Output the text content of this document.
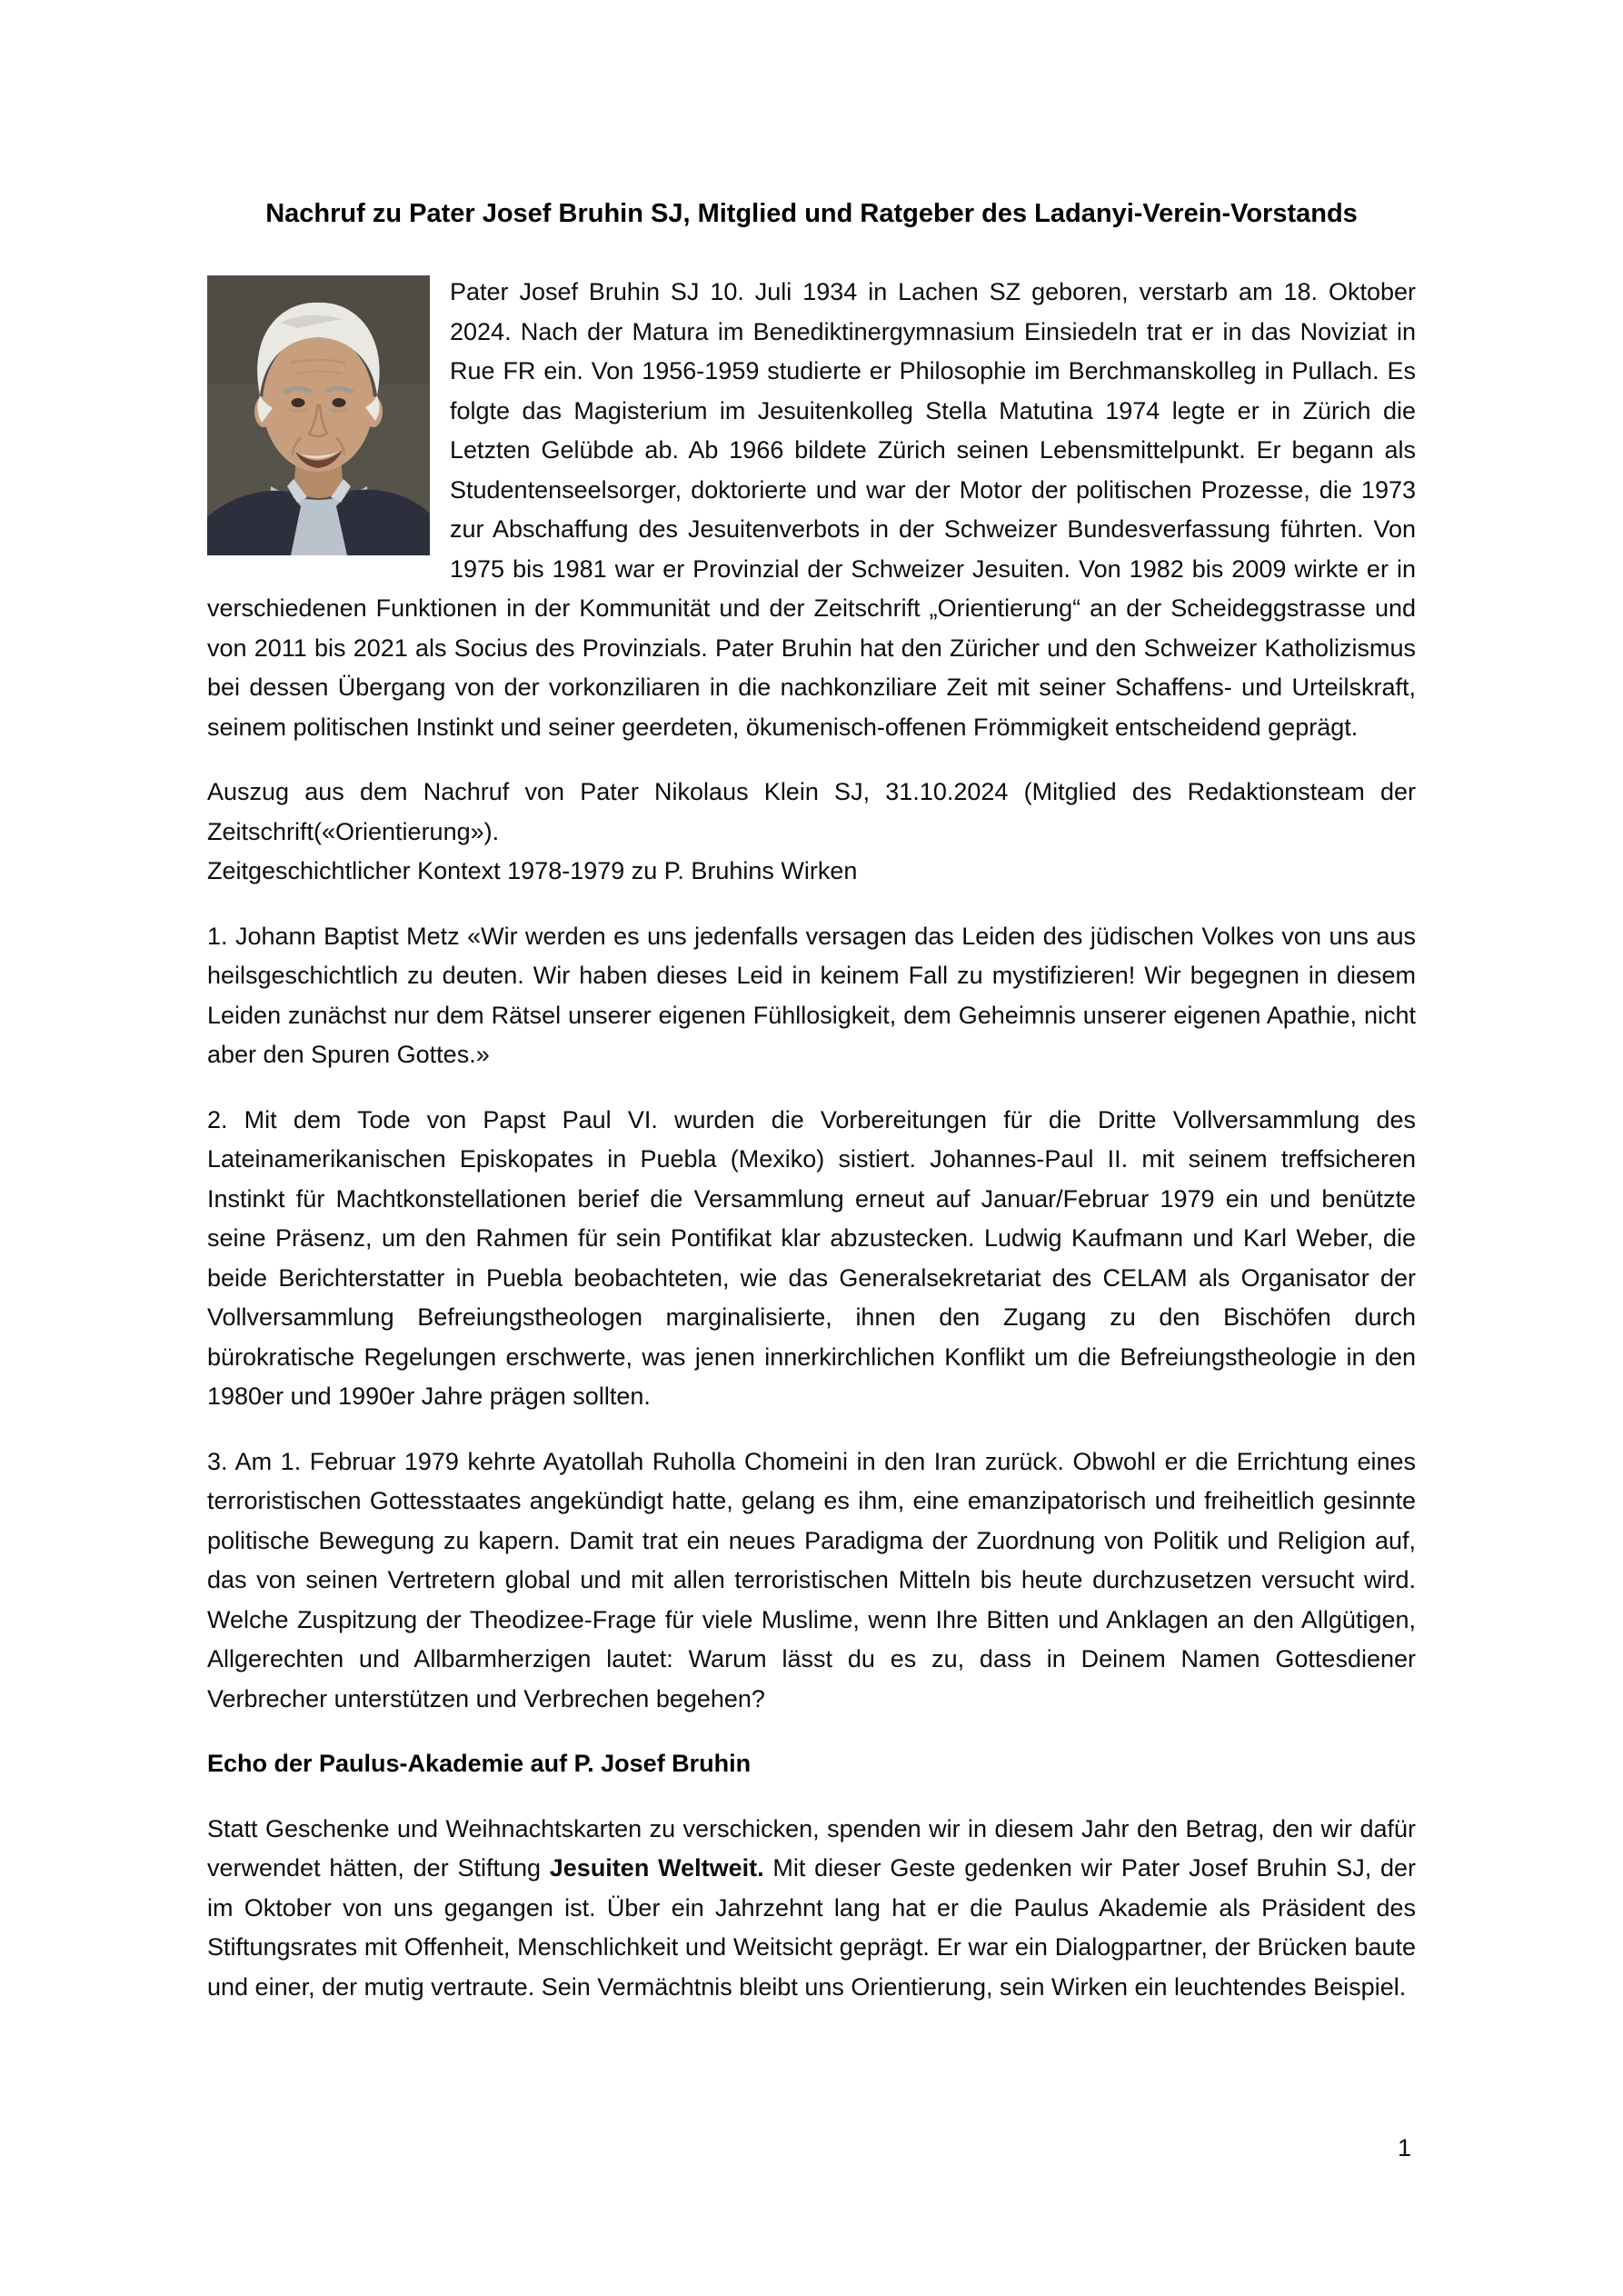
Nachruf zu Pater Josef Bruhin SJ, Mitglied und Ratgeber des Ladanyi-Verein-Vorstands

Pater Josef Bruhin SJ 10. Juli 1934 in Lachen SZ geboren, verstarb am 18. Oktober 2024. Nach der Matura im Benediktinergymnasium Einsiedeln trat er in das Noviziat in Rue FR ein. Von 1956-1959 studierte er Philosophie im Berchmanskolleg in Pullach. Es folgte das Magisterium im Jesuitenkolleg Stella Matutina 1974 legte er in Zürich die Letzten Gelübde ab. Ab 1966 bildete Zürich seinen Lebensmittelpunkt. Er begann als Studentenseelsorger, doktorierte und war der Motor der politischen Prozesse, die 1973 zur Abschaffung des Jesuitenverbots in der Schweizer Bundesverfassung führten. Von 1975 bis 1981 war er Provinzial der Schweizer Jesuiten. Von 1982 bis 2009 wirkte er in verschiedenen Funktionen in der Kommunität und der Zeitschrift „Orientierung“ an der Scheideggstrasse und von 2011 bis 2021 als Socius des Provinzials. Pater Bruhin hat den Züricher und den Schweizer Katholizismus bei dessen Übergang von der vorkonziliaren in die nachkonziliare Zeit mit seiner Schaffens- und Urteilskraft, seinem politischen Instinkt und seiner geerdeten, ökumenisch-offenen Frömmigkeit entscheidend geprägt.

Auszug aus dem Nachruf von Pater Nikolaus Klein SJ, 31.10.2024 (Mitglied des Redaktionsteam der Zeitschrift(«Orientierung»).
Zeitgeschichtlicher Kontext 1978-1979 zu P. Bruhins Wirken

1. Johann Baptist Metz «Wir werden es uns jedenfalls versagen das Leiden des jüdischen Volkes von uns aus heilsgeschichtlich zu deuten. Wir haben dieses Leid in keinem Fall zu mystifizieren! Wir begegnen in diesem Leiden zunächst nur dem Rätsel unserer eigenen Fühllosigkeit, dem Geheimnis unserer eigenen Apathie, nicht aber den Spuren Gottes.»

2. Mit dem Tode von Papst Paul VI. wurden die Vorbereitungen für die Dritte Vollversammlung des Lateinamerikanischen Episkopates in Puebla (Mexiko) sistiert. Johannes-Paul II. mit seinem treffsicheren Instinkt für Machtkonstellationen berief die Versammlung erneut auf Januar/Februar 1979 ein und benützte seine Präsenz, um den Rahmen für sein Pontifikat klar abzustecken. Ludwig Kaufmann und Karl Weber, die beide Berichterstatter in Puebla beobachteten, wie das Generalsekretariat des CELAM als Organisator der Vollversammlung Befreiungstheologen marginalisierte, ihnen den Zugang zu den Bischöfen durch bürokratische Regelungen erschwerte, was jenen innerkirchlichen Konflikt um die Befreiungstheologie in den 1980er und 1990er Jahre prägen sollten.

3. Am 1. Februar 1979 kehrte Ayatollah Ruholla Chomeini in den Iran zurück. Obwohl er die Errichtung eines terroristischen Gottesstaates angekündigt hatte, gelang es ihm, eine emanzipatorisch und freiheitlich gesinnte politische Bewegung zu kapern. Damit trat ein neues Paradigma der Zuordnung von Politik und Religion auf, das von seinen Vertretern global und mit allen terroristischen Mitteln bis heute durchzusetzen versucht wird. Welche Zuspitzung der Theodizee-Frage für viele Muslime, wenn Ihre Bitten und Anklagen an den Allgütigen, Allgerechten und Allbarmherzigen lautet: Warum lässt du es zu, dass in Deinem Namen Gottesdiener Verbrecher unterstützen und Verbrechen begehen?

Echo der Paulus-Akademie auf P. Josef Bruhin

Statt Geschenke und Weihnachtskarten zu verschicken, spenden wir in diesem Jahr den Betrag, den wir dafür verwendet hätten, der Stiftung Jesuiten Weltweit. Mit dieser Geste gedenken wir Pater Josef Bruhin SJ, der im Oktober von uns gegangen ist. Über ein Jahrzehnt lang hat er die Paulus Akademie als Präsident des Stiftungsrates mit Offenheit, Menschlichkeit und Weitsicht geprägt. Er war ein Dialogpartner, der Brücken baute und einer, der mutig vertraute. Sein Vermächtnis bleibt uns Orientierung, sein Wirken ein leuchtendes Beispiel.

1
